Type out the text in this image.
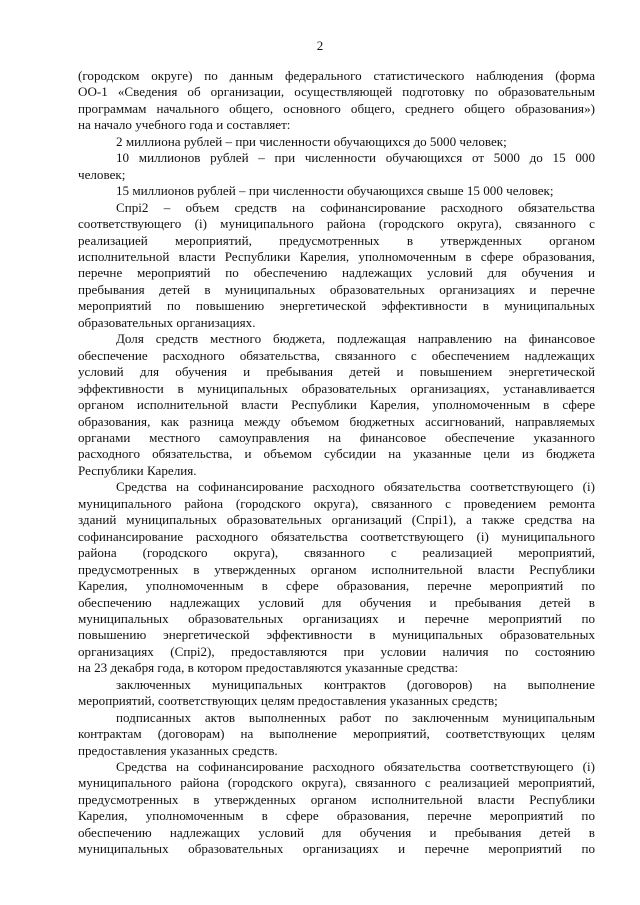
2

(городском округе) по данным федерального статистического наблюдения (форма

ОО-1 «Сведения об организации, осуществляющей подготовку по образовательным

программам начального общего, основного общего, среднего общего образования»)

на начало учебного года и составляет:

2 миллиона рублей – при численности обучающихся до 5000 человек;

10 миллионов рублей – при численности обучающихся от 5000 до 15 000

человек;

15 миллионов рублей – при численности обучающихся свыше 15 000 человек;

Спрi2 – объем средств на софинансирование расходного обязательства

соответствующего (i) муниципального района (городского округа), связанного с

реализацией мероприятий, предусмотренных в утвержденных органом

исполнительной власти Республики Карелия, уполномоченным в сфере образования,

перечне мероприятий по обеспечению надлежащих условий для обучения и

пребывания детей в муниципальных образовательных организациях и перечне

мероприятий по повышению энергетической эффективности в муниципальных

образовательных организациях.

Доля средств местного бюджета, подлежащая направлению на финансовое

обеспечение расходного обязательства, связанного с обеспечением надлежащих

условий для обучения и пребывания детей и повышением энергетической

эффективности в муниципальных образовательных организациях, устанавливается

органом исполнительной власти Республики Карелия, уполномоченным в сфере

образования, как разница между объемом бюджетных ассигнований, направляемых

органами местного самоуправления на финансовое обеспечение указанного

расходного обязательства, и объемом субсидии на указанные цели из бюджета

Республики Карелия.

Средства на софинансирование расходного обязательства соответствующего (i)

муниципального района (городского округа), связанного с проведением ремонта

зданий муниципальных образовательных организаций (Спрi1), а также средства на

софинансирование расходного обязательства соответствующего (i) муниципального

района (городского округа), связанного с реализацией мероприятий,

предусмотренных в утвержденных органом исполнительной власти Республики

Карелия, уполномоченным в сфере образования, перечне мероприятий по

обеспечению надлежащих условий для обучения и пребывания детей в

муниципальных образовательных организациях и перечне мероприятий по

повышению энергетической эффективности в муниципальных образовательных

организациях (Спрi2), предоставляются при условии наличия по состоянию

на 23 декабря года, в котором предоставляются указанные средства:

заключенных муниципальных контрактов (договоров) на выполнение

мероприятий, соответствующих целям предоставления указанных средств;

подписанных актов выполненных работ по заключенным муниципальным

контрактам (договорам) на выполнение мероприятий, соответствующих целям

предоставления указанных средств.

Средства на софинансирование расходного обязательства соответствующего (i)

муниципального района (городского округа), связанного с реализацией мероприятий,

предусмотренных в утвержденных органом исполнительной власти Республики

Карелия, уполномоченным в сфере образования, перечне мероприятий по

обеспечению надлежащих условий для обучения и пребывания детей в

муниципальных образовательных организациях и перечне мероприятий по
